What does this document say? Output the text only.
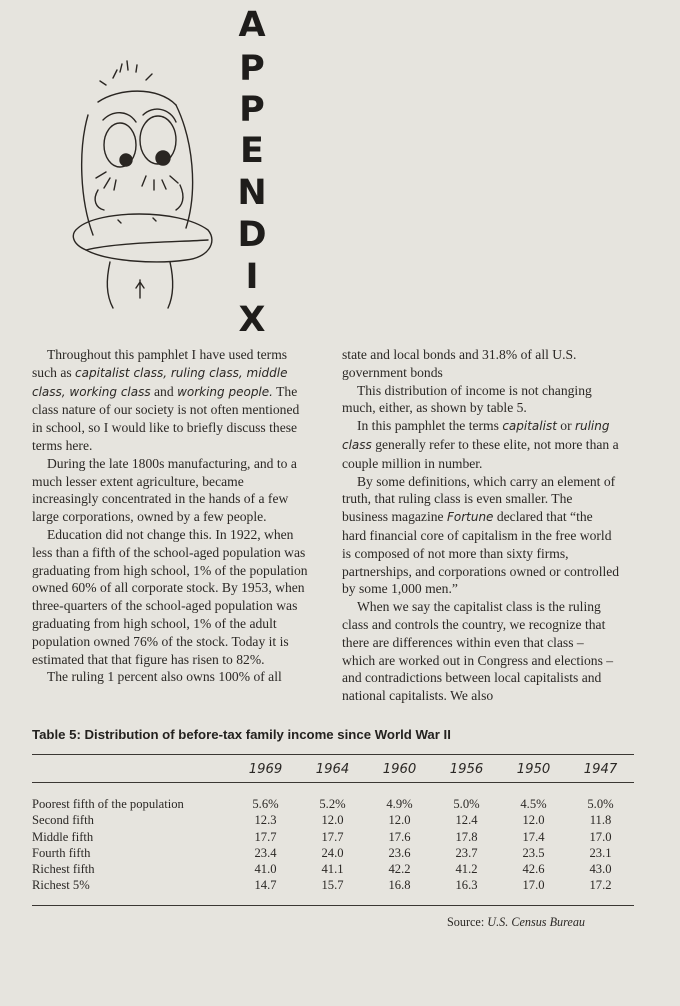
A
P
P
E
N
D
I
X

Throughout this pamphlet I have used terms such as capitalist class, ruling class, middle class, working class and working people. The class nature of our society is not often mentioned in school, so I would like to briefly discuss these terms here.

During the late 1800s manufacturing, and to a much lesser extent agriculture, became increasingly concentrated in the hands of a few large corporations, owned by a few people.

Education did not change this. In 1922, when less than a fifth of the school-aged population was graduating from high school, 1% of the population owned 60% of all corporate stock. By 1953, when three-quarters of the school-aged population was graduating from high school, 1% of the adult population owned 76% of the stock. Today it is estimated that that figure has risen to 82%.

The ruling 1 percent also owns 100% of all

state and local bonds and 31.8% of all U.S. government bonds

This distribution of income is not changing much, either, as shown by table 5.

In this pamphlet the terms capitalist or ruling class generally refer to these elite, not more than a couple million in number.

By some definitions, which carry an element of truth, that ruling class is even smaller. The business magazine Fortune declared that “the hard financial core of capitalism in the free world is composed of not more than sixty firms, partnerships, and corporations owned or controlled by some 1,000 men.”

When we say the capitalist class is the ruling class and controls the country, we recognize that there are differences within even that class – which are worked out in Congress and elections – and contradictions between local capitalists and national capitalists. We also

Table 5: Distribution of before-tax family income since World War II
	1969	1964	1960	1956	1950	1947

Poorest fifth of the population	5.6%	5.2%	4.9%	5.0%	4.5%	5.0%
Second fifth	12.3	12.0	12.0	12.4	12.0	11.8
Middle fifth	17.7	17.7	17.6	17.8	17.4	17.0
Fourth fifth	23.4	24.0	23.6	23.7	23.5	23.1
Richest fifth	41.0	41.1	42.2	41.2	42.6	43.0
Richest 5%	14.7	15.7	16.8	16.3	17.0	17.2
Source: U.S. Census Bureau
